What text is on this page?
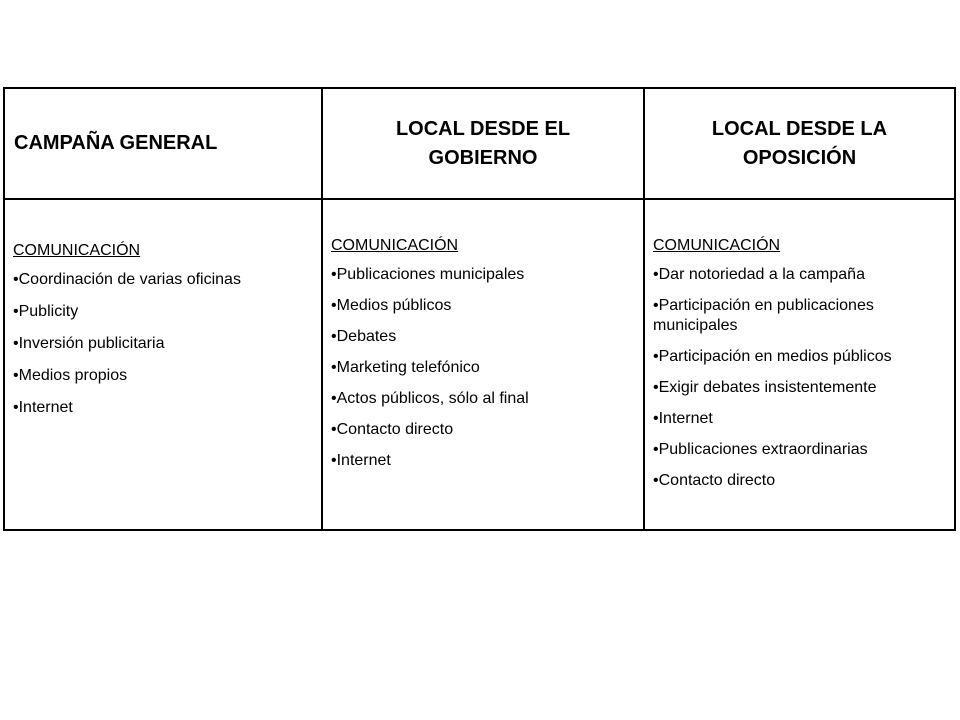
CAMPAÑA GENERAL
LOCAL DESDE EL GOBIERNO
LOCAL DESDE LA OPOSICIÓN
COMUNICACIÓN
• Coordinación de varias oficinas
• Publicity
• Inversión publicitaria
• Medios propios
• Internet
COMUNICACIÓN
• Publicaciones municipales
• Medios públicos
• Debates
• Marketing telefónico
• Actos públicos, sólo al final
• Contacto directo
• Internet
COMUNICACIÓN
• Dar notoriedad a la campaña
• Participación en publicaciones municipales
• Participación en medios públicos
• Exigir debates insistentemente
• Internet
• Publicaciones extraordinarias
• Contacto directo
